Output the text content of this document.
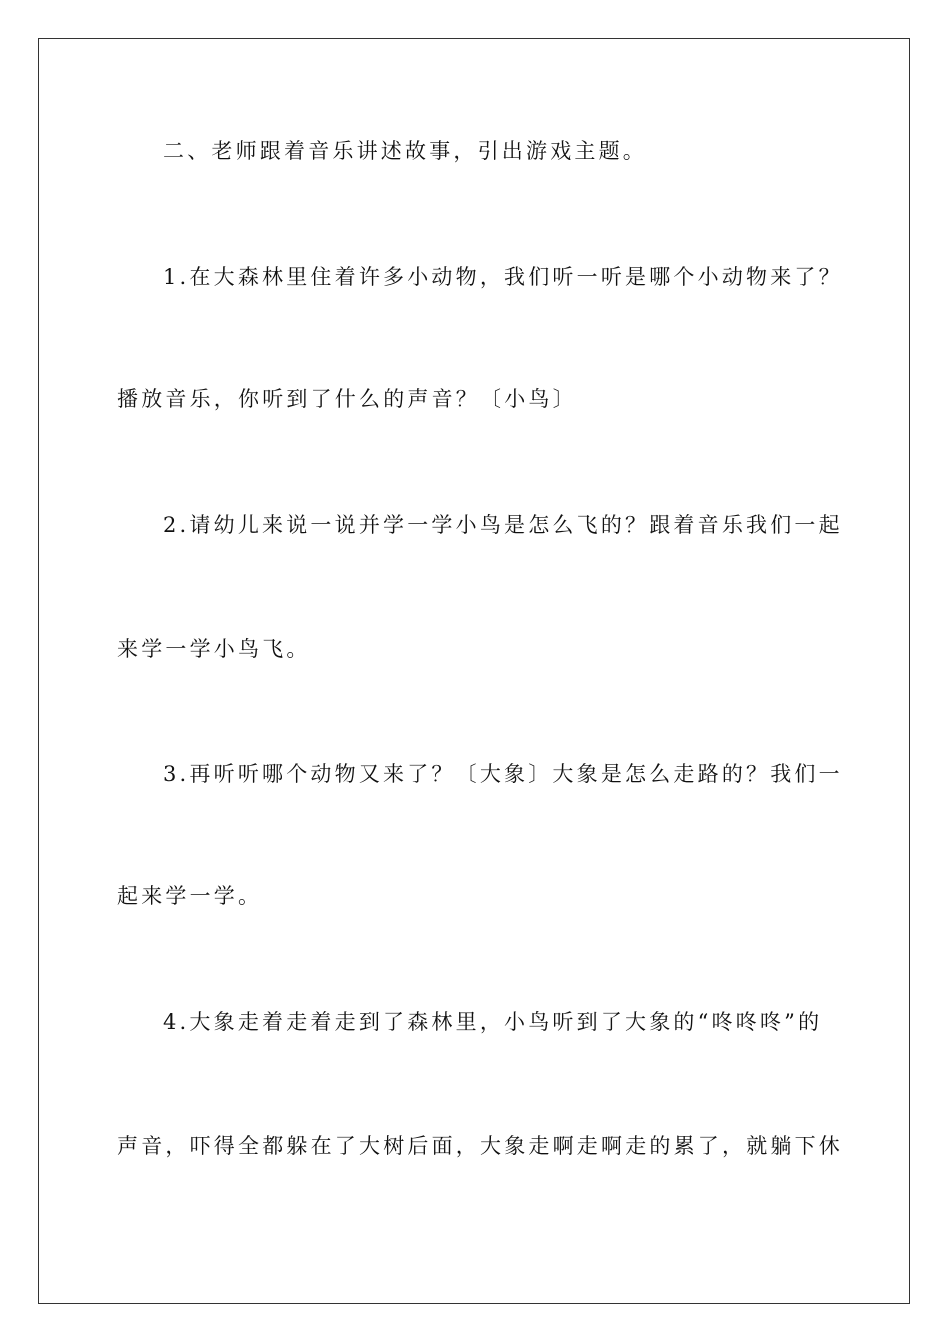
二、老师跟着音乐讲述故事，引出游戏主题。
1.在大森林里住着许多小动物，我们听一听是哪个小动物来了？
播放音乐，你听到了什么的声音？〔小鸟〕
2.请幼儿来说一说并学一学小鸟是怎么飞的？跟着音乐我们一起
来学一学小鸟飞。
3.再听听哪个动物又来了？〔大象〕大象是怎么走路的？我们一
起来学一学。
4.大象走着走着走到了森林里，小鸟听到了大象的“咚咚咚”的
声音，吓得全都躲在了大树后面，大象走啊走啊走的累了，就躺下休
